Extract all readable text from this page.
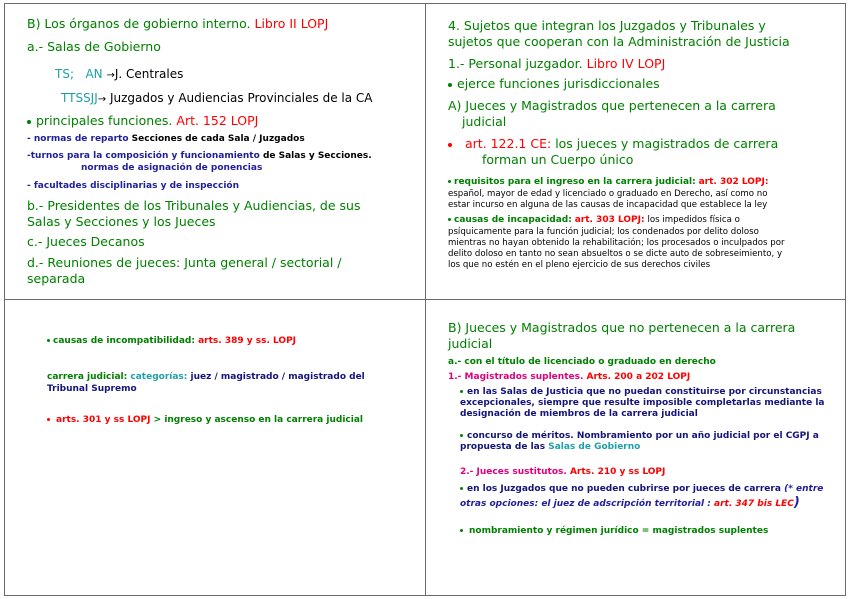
B) Los órganos de gobierno interno. Libro II LOPJ
a.- Salas de Gobierno
TS; AN →J. Centrales
TTSSJJ→ Juzgados y Audiencias Provinciales de la CA
principales funciones. Art. 152 LOPJ
- normas de reparto Secciones de cada Sala / Juzgados
-turnos para la composición y funcionamiento de Salas y Secciones.
normas de asignación de ponencias
- facultades disciplinarias y de inspección
b.- Presidentes de los Tribunales y Audiencias, de sus
Salas y Secciones y los Jueces
c.- Jueces Decanos
d.- Reuniones de jueces: Junta general / sectorial /
separada
4. Sujetos que integran los Juzgados y Tribunales y
sujetos que cooperan con la Administración de Justicia
1.- Personal juzgador. Libro IV LOPJ
ejerce funciones jurisdiccionales
A) Jueces y Magistrados que pertenecen a la carrera
judicial
art. 122.1 CE: los jueces y magistrados de carrera
forman un Cuerpo único
requisitos para el ingreso en la carrera judicial: art. 302 LOPJ:
español, mayor de edad y licenciado o graduado en Derecho, así como no
estar incurso en alguna de las causas de incapacidad que establece la ley
causas de incapacidad: art. 303 LOPJ: los impedidos física o
psíquicamente para la función judicial; los condenados por delito doloso
mientras no hayan obtenido la rehabilitación; los procesados o inculpados por
delito doloso en tanto no sean absueltos o se dicte auto de sobreseimiento, y
los que no estén en el pleno ejercicio de sus derechos civiles
causas de incompatibilidad: arts. 389 y ss. LOPJ
carrera judicial: categorías: juez / magistrado / magistrado del
Tribunal Supremo
arts. 301 y ss LOPJ > ingreso y ascenso en la carrera judicial
B) Jueces y Magistrados que no pertenecen a la carrera
judicial
a.- con el título de licenciado o graduado en derecho
1.- Magistrados suplentes. Arts. 200 a 202 LOPJ
en las Salas de Justicia que no puedan constituirse por circunstancias
excepcionales, siempre que resulte imposible completarlas mediante la
designación de miembros de la carrera judicial
concurso de méritos. Nombramiento por un año judicial por el CGPJ a
propuesta de las Salas de Gobierno
2.- Jueces sustitutos. Arts. 210 y ss LOPJ
en los Juzgados que no pueden cubrirse por jueces de carrera (* entre
otras opciones: el juez de adscripción territorial : art. 347 bis LEC)
nombramiento y régimen jurídico = magistrados suplentes
